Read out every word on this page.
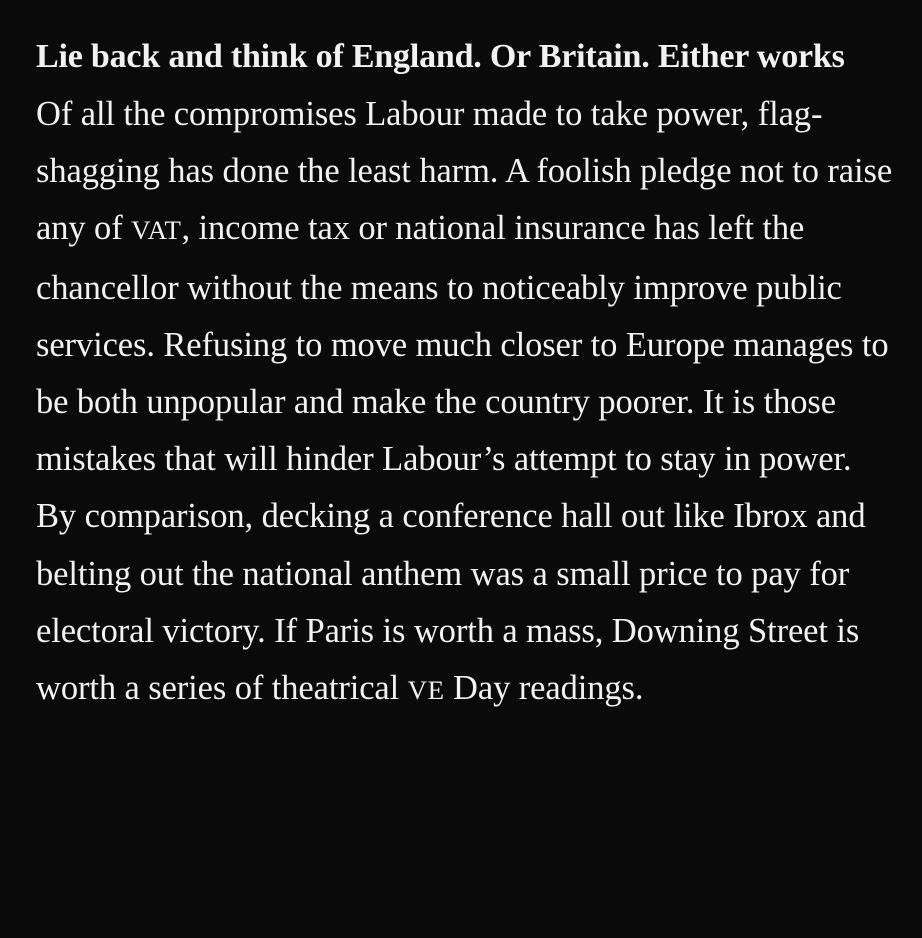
Lie back and think of England. Or Britain. Either works

Of all the compromises Labour made to take power, flag-shagging has done the least harm. A foolish pledge not to raise any of VAT, income tax or national insurance has left the chancellor without the means to noticeably improve public services. Refusing to move much closer to Europe manages to be both unpopular and make the country poorer. It is those mistakes that will hinder Labour’s attempt to stay in power. By comparison, decking a conference hall out like Ibrox and belting out the national anthem was a small price to pay for electoral victory. If Paris is worth a mass, Downing Street is worth a series of theatrical VE Day readings.
